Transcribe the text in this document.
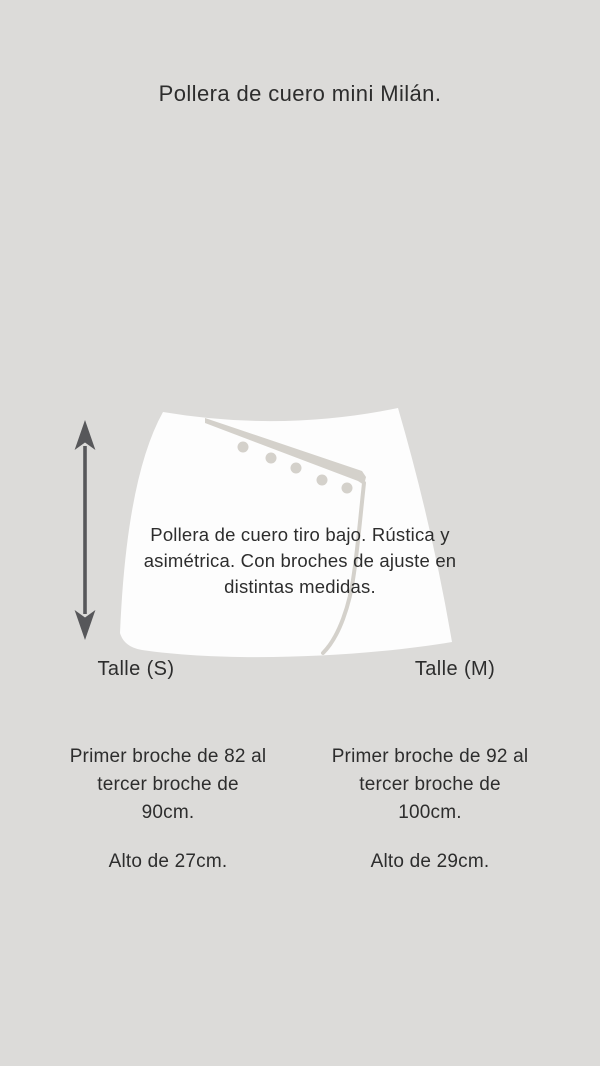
Pollera de cuero mini Milán.
Pollera de cuero tiro bajo. Rústica y
asimétrica. Con broches de ajuste en
distintas medidas.
Talle (S)	Talle (M)
Primer broche de 82 al
tercer broche de
90cm.
Alto de 27cm.
Primer broche de 92 al
tercer broche de
100cm.
Alto de 29cm.
